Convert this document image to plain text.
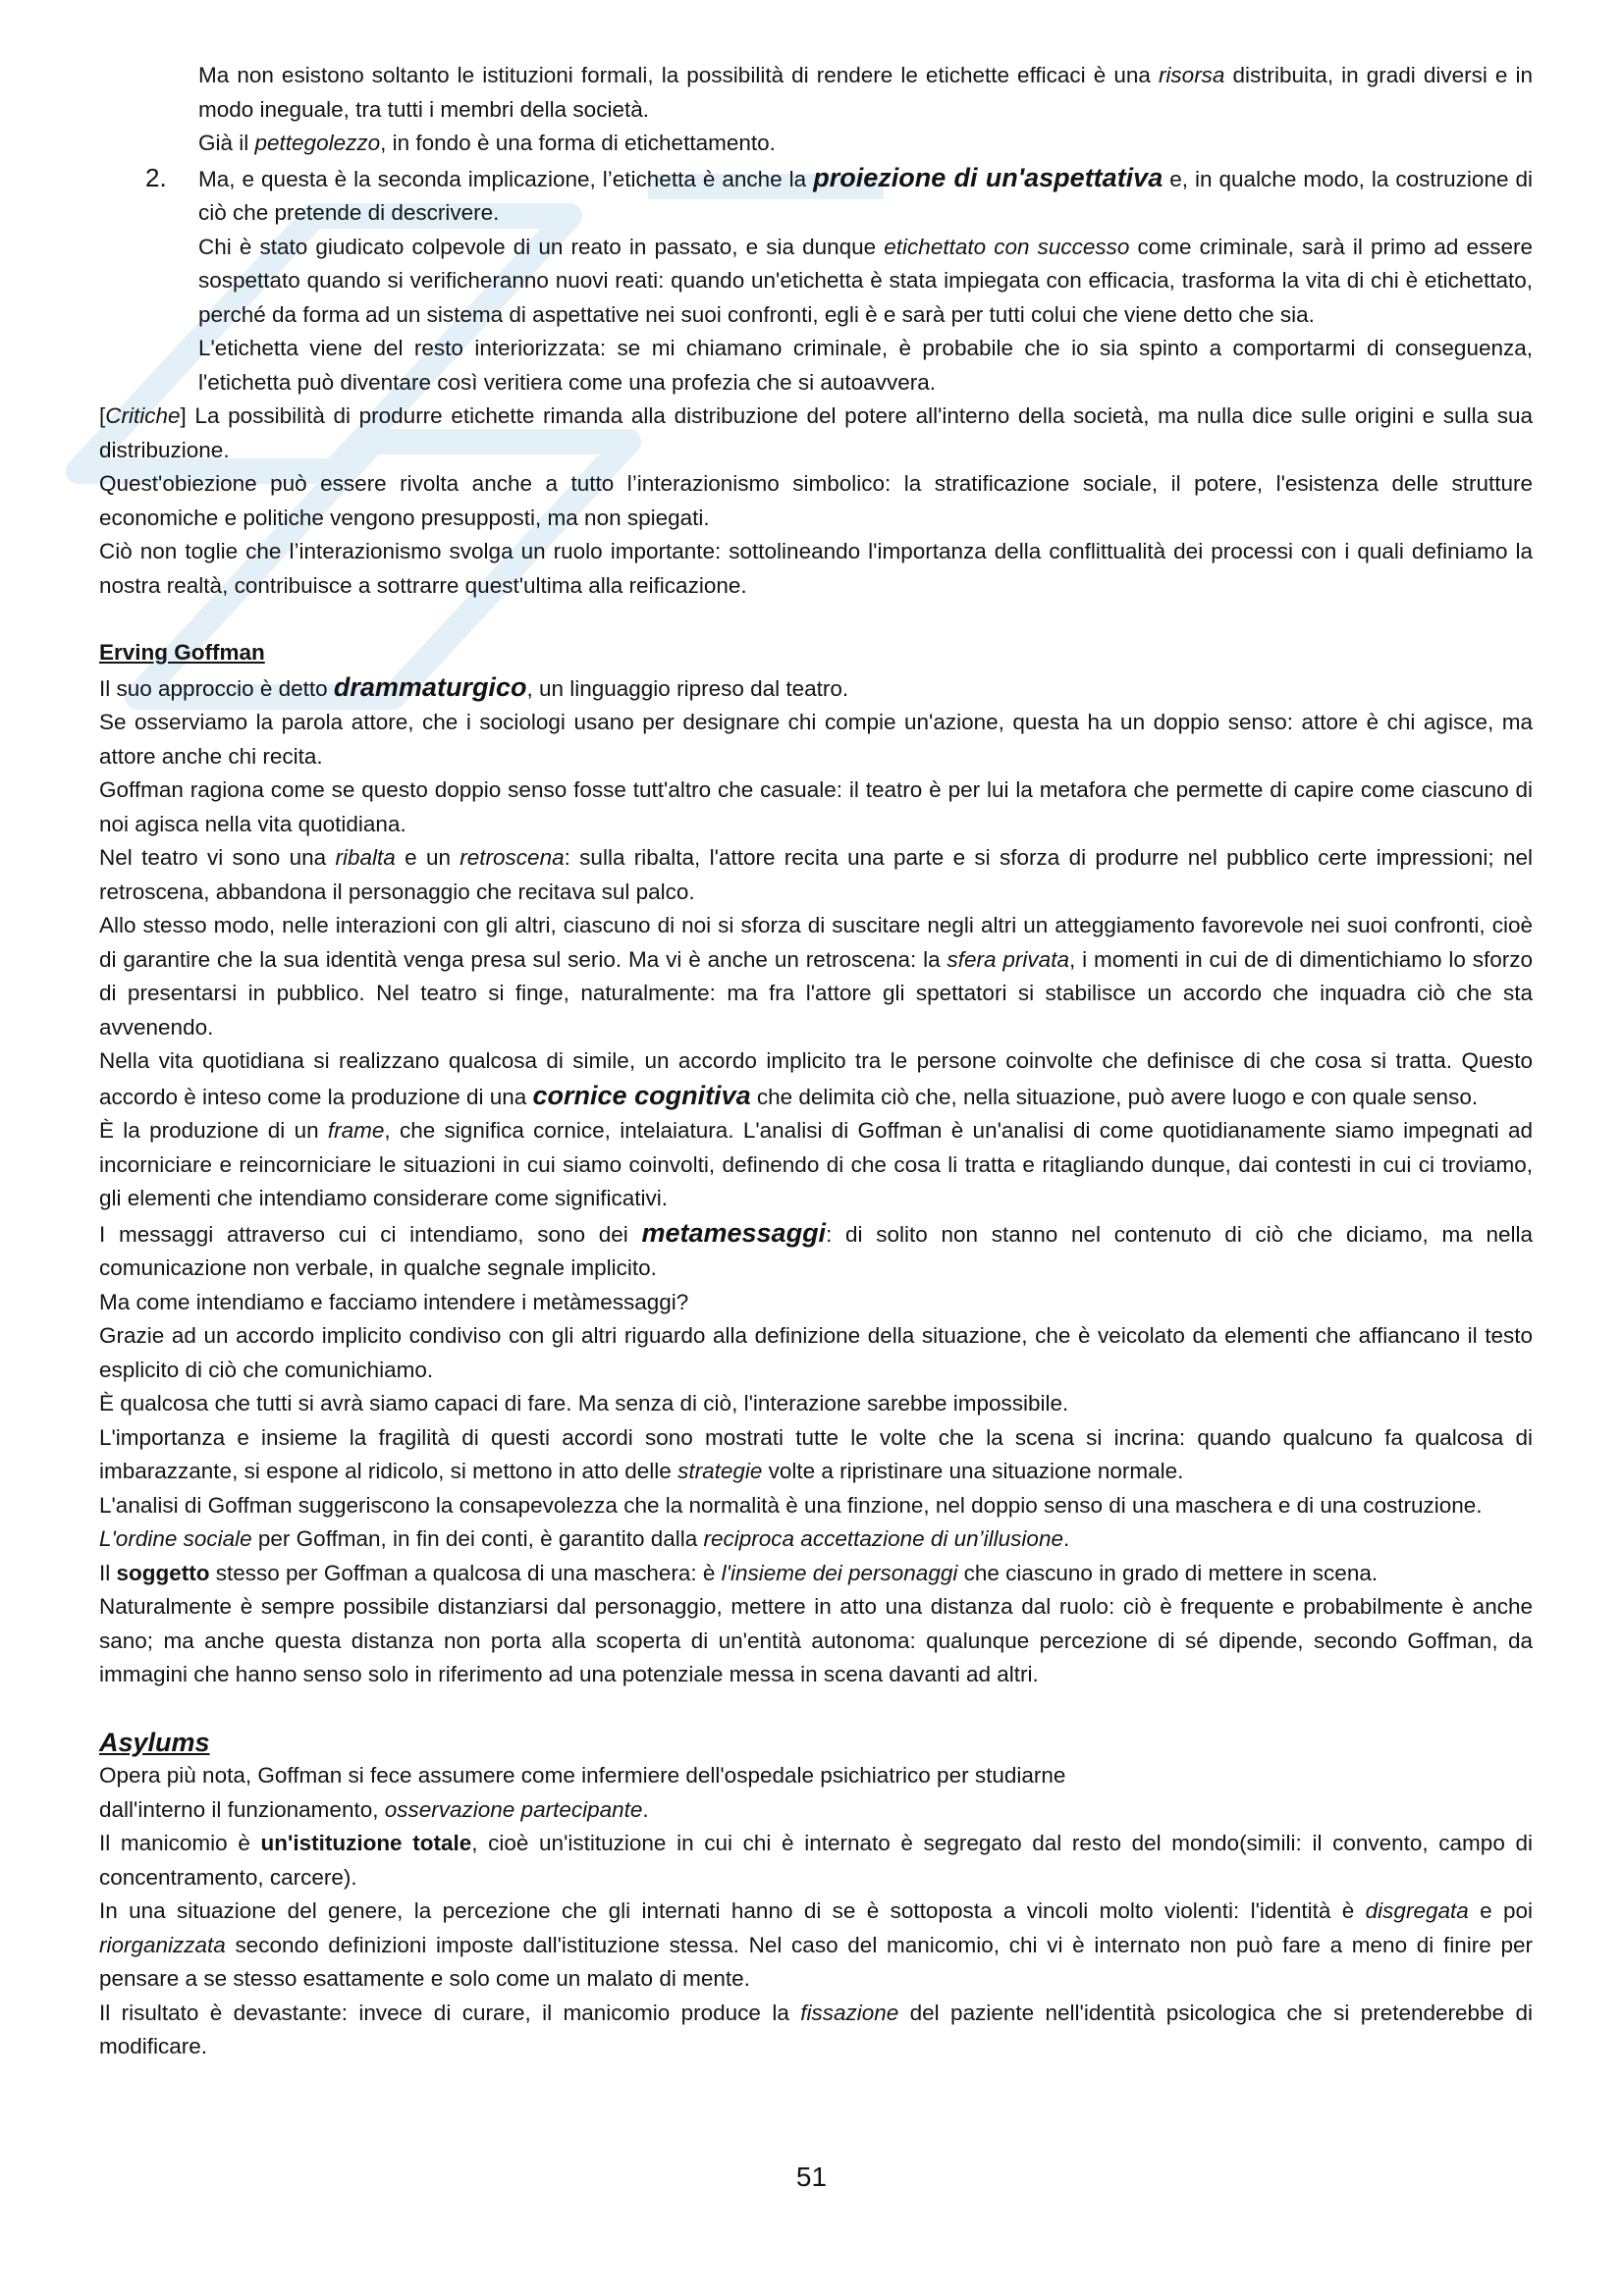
Ma non esistono soltanto le istituzioni formali, la possibilità di rendere le etichette efficaci è una risorsa distribuita, in gradi diversi e in modo ineguale, tra tutti i membri della società.

Già il pettegolezzo, in fondo è una forma di etichettamento.

2. Ma, e questa è la seconda implicazione, l’etichetta è anche la proiezione di un'aspettativa e, in qualche modo, la costruzione di ciò che pretende di descrivere.

Chi è stato giudicato colpevole di un reato in passato, e sia dunque etichettato con successo come criminale, sarà il primo ad essere sospettato quando si verificheranno nuovi reati: quando un'etichetta è stata impiegata con efficacia, trasforma la vita di chi è etichettato, perché da forma ad un sistema di aspettative nei suoi confronti, egli è e sarà per tutti colui che viene detto che sia.

L'etichetta viene del resto interiorizzata: se mi chiamano criminale, è probabile che io sia spinto a comportarmi di conseguenza, l'etichetta può diventare così veritiera come una profezia che si autoavvera.

[Critiche] La possibilità di produrre etichette rimanda alla distribuzione del potere all'interno della società, ma nulla dice sulle origini e sulla sua distribuzione.

Quest'obiezione può essere rivolta anche a tutto l’interazionismo simbolico: la stratificazione sociale, il potere, l'esistenza delle strutture economiche e politiche vengono presupposti, ma non spiegati.

Ciò non toglie che l’interazionismo svolga un ruolo importante: sottolineando l'importanza della conflittualità dei processi con i quali definiamo la nostra realtà, contribuisce a sottrarre quest'ultima alla reificazione.

Erving Goffman

Il suo approccio è detto drammaturgico, un linguaggio ripreso dal teatro.

Se osserviamo la parola attore, che i sociologi usano per designare chi compie un'azione, questa ha un doppio senso: attore è chi agisce, ma attore anche chi recita.

Goffman ragiona come se questo doppio senso fosse tutt'altro che casuale: il teatro è per lui la metafora che permette di capire come ciascuno di noi agisca nella vita quotidiana.

Nel teatro vi sono una ribalta e un retroscena: sulla ribalta, l'attore recita una parte e si sforza di produrre nel pubblico certe impressioni; nel retroscena, abbandona il personaggio che recitava sul palco.

Allo stesso modo, nelle interazioni con gli altri, ciascuno di noi si sforza di suscitare negli altri un atteggiamento favorevole nei suoi confronti, cioè di garantire che la sua identità venga presa sul serio. Ma vi è anche un retroscena: la sfera privata, i momenti in cui de di dimentichiamo lo sforzo di presentarsi in pubblico. Nel teatro si finge, naturalmente: ma fra l'attore gli spettatori si stabilisce un accordo che inquadra ciò che sta avvenendo.

Nella vita quotidiana si realizzano qualcosa di simile, un accordo implicito tra le persone coinvolte che definisce di che cosa si tratta. Questo accordo è inteso come la produzione di una cornice cognitiva che delimita ciò che, nella situazione, può avere luogo e con quale senso.

È la produzione di un frame, che significa cornice, intelaiatura. L'analisi di Goffman è un'analisi di come quotidianamente siamo impegnati ad incorniciare e reincorniciare le situazioni in cui siamo coinvolti, definendo di che cosa li tratta e ritagliando dunque, dai contesti in cui ci troviamo, gli elementi che intendiamo considerare come significativi.

I messaggi attraverso cui ci intendiamo, sono dei metamessaggi: di solito non stanno nel contenuto di ciò che diciamo, ma nella comunicazione non verbale, in qualche segnale implicito.

Ma come intendiamo e facciamo intendere i metàmessaggi?

Grazie ad un accordo implicito condiviso con gli altri riguardo alla definizione della situazione, che è veicolato da elementi che affiancano il testo esplicito di ciò che comunichiamo.

È qualcosa che tutti si avrà siamo capaci di fare. Ma senza di ciò, l'interazione sarebbe impossibile.

L'importanza e insieme la fragilità di questi accordi sono mostrati tutte le volte che la scena si incrina: quando qualcuno fa qualcosa di imbarazzante, si espone al ridicolo, si mettono in atto delle strategie volte a ripristinare una situazione normale.

L'analisi di Goffman suggeriscono la consapevolezza che la normalità è una finzione, nel doppio senso di una maschera e di una costruzione.

L'ordine sociale per Goffman, in fin dei conti, è garantito dalla reciproca accettazione di un’illusione.

Il soggetto stesso per Goffman a qualcosa di una maschera: è l'insieme dei personaggi che ciascuno in grado di mettere in scena.

Naturalmente è sempre possibile distanziarsi dal personaggio, mettere in atto una distanza dal ruolo: ciò è frequente e probabilmente è anche sano; ma anche questa distanza non porta alla scoperta di un'entità autonoma: qualunque percezione di sé dipende, secondo Goffman, da immagini che hanno senso solo in riferimento ad una potenziale messa in scena davanti ad altri.

Asylums

Opera più nota, Goffman si fece assumere come infermiere dell'ospedale psichiatrico per studiarne

dall'interno il funzionamento, osservazione partecipante.

Il manicomio è un'istituzione totale, cioè un'istituzione in cui chi è internato è segregato dal resto del mondo(simili: il convento, campo di concentramento, carcere).

In una situazione del genere, la percezione che gli internati hanno di se è sottoposta a vincoli molto violenti: l'identità è disgregata e poi riorganizzata secondo definizioni imposte dall'istituzione stessa. Nel caso del manicomio, chi vi è internato non può fare a meno di finire per pensare a se stesso esattamente e solo come un malato di mente.

Il risultato è devastante: invece di curare, il manicomio produce la fissazione del paziente nell'identità psicologica che si pretenderebbe di modificare.

51
